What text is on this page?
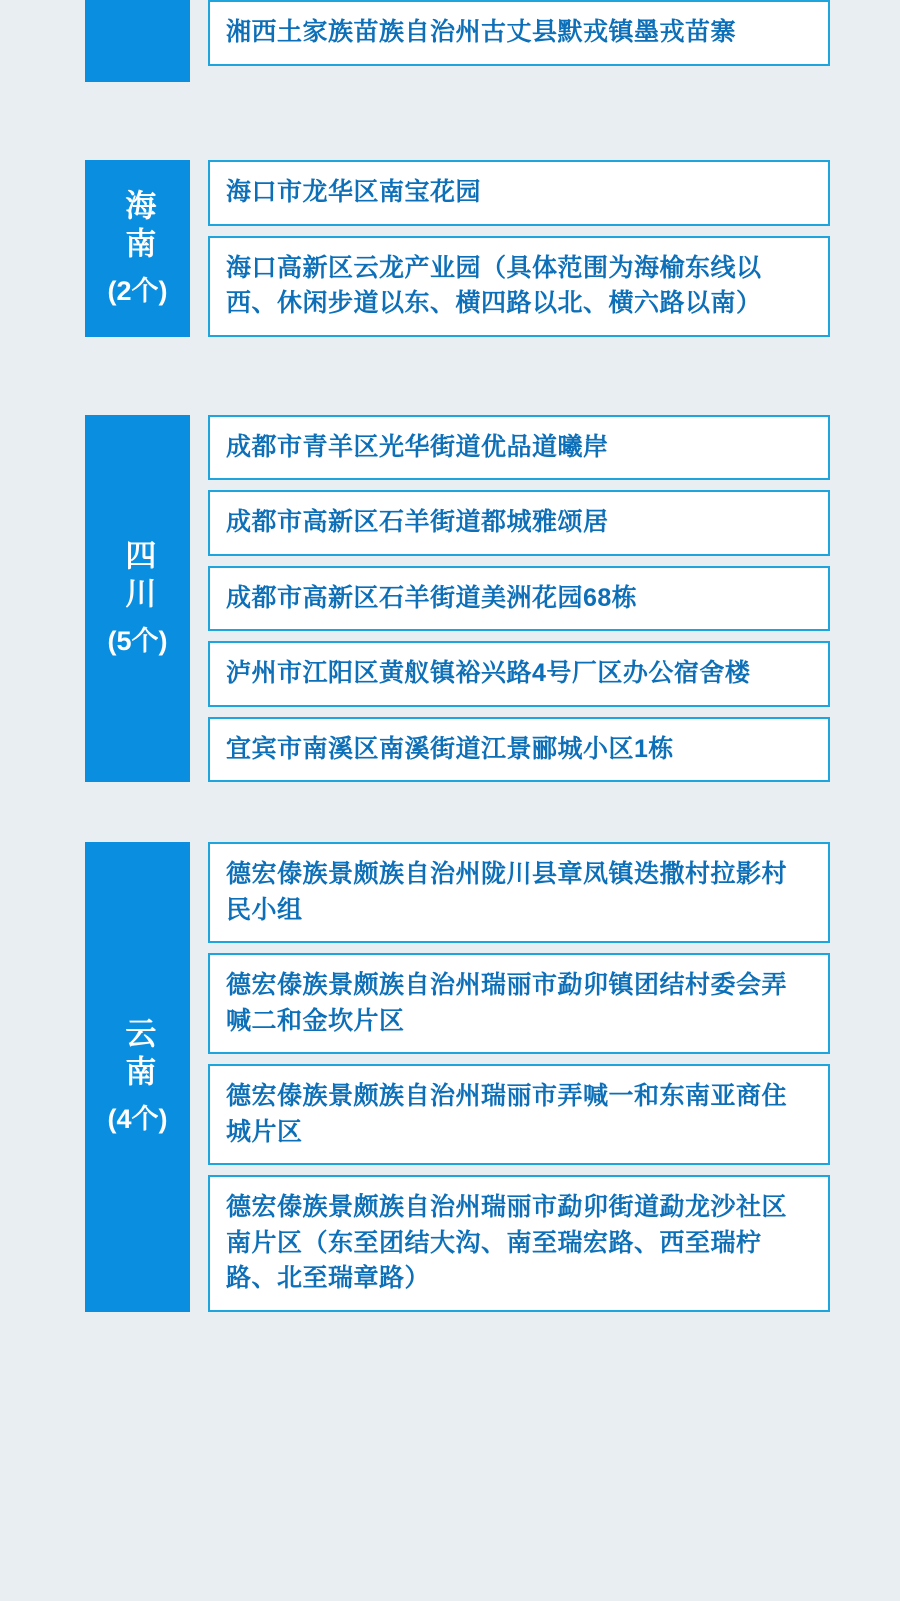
湘西土家族苗族自治州古丈县默戎镇墨戎苗寨
海南
(2个)
海口市龙华区南宝花园
海口高新区云龙产业园（具体范围为海榆东线以西、休闲步道以东、横四路以北、横六路以南）
四川
(5个)
成都市青羊区光华街道优品道曦岸
成都市高新区石羊街道都城雅颂居
成都市高新区石羊街道美洲花园68栋
泸州市江阳区黄舣镇裕兴路4号厂区办公宿舍楼
宜宾市南溪区南溪街道江景郦城小区1栋
云南
(4个)
德宏傣族景颇族自治州陇川县章凤镇迭撒村拉影村民小组
德宏傣族景颇族自治州瑞丽市勐卯镇团结村委会弄喊二和金坎片区
德宏傣族景颇族自治州瑞丽市弄喊一和东南亚商住城片区
德宏傣族景颇族自治州瑞丽市勐卯街道勐龙沙社区南片区（东至团结大沟、南至瑞宏路、西至瑞柠路、北至瑞章路）
